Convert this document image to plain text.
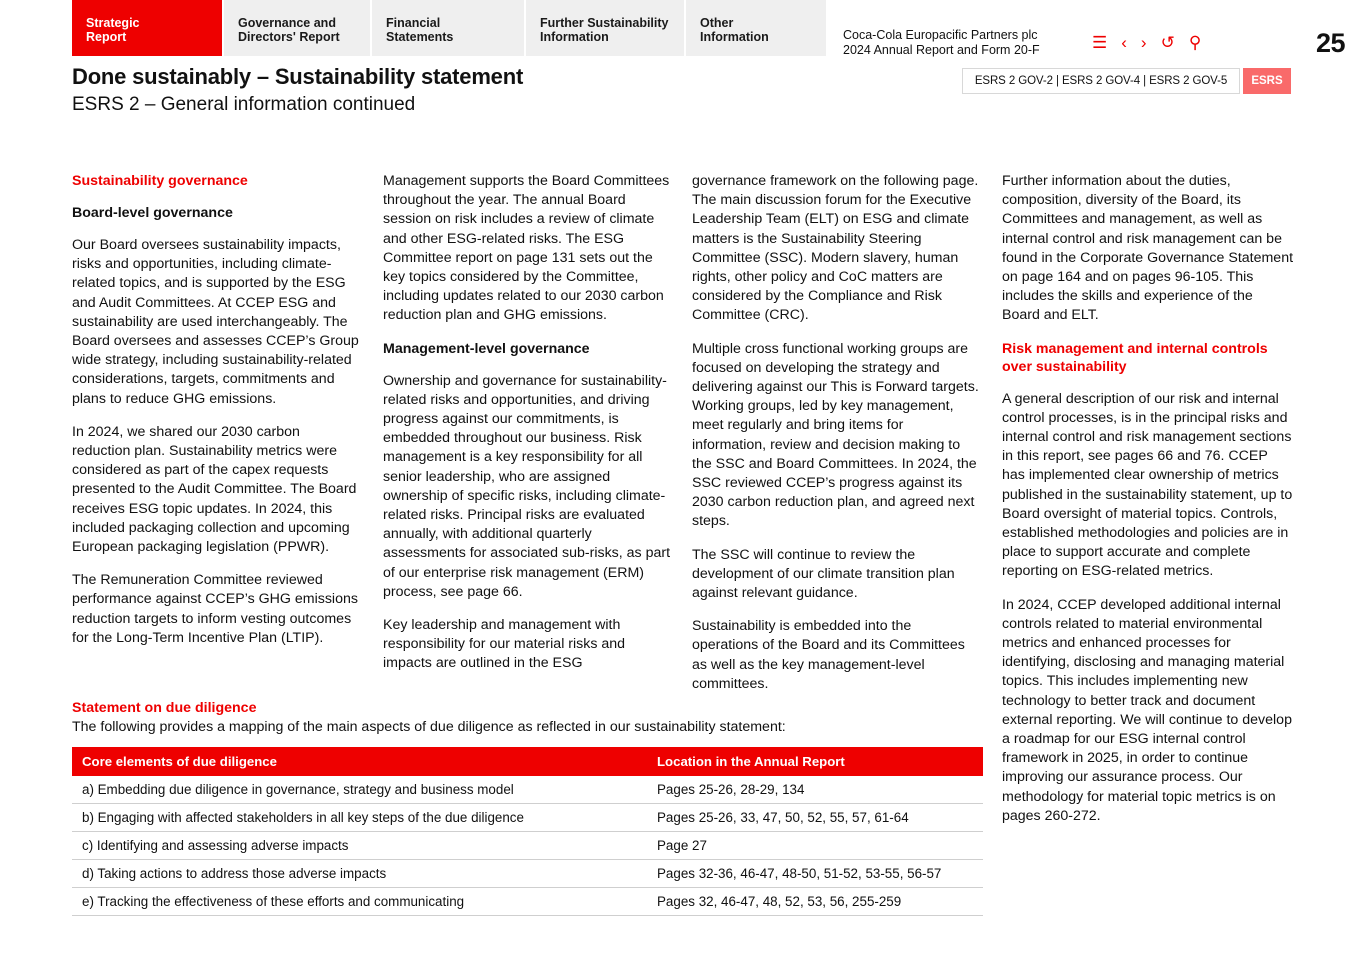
Strategic
Report
Governance and
Directors' Report
Financial
Statements
Further Sustainability
Information
Other
Information	Coca-Cola Europacific Partners plc
2024 Annual Report and Form 20-F	☰ ‹ › ↺ ⚲	25
Done sustainably – Sustainability statement
ESRS 2 – General information continued
ESRS 2 GOV-2 | ESRS 2 GOV-4 | ESRS 2 GOV-5	ESRS

Sustainability governance

Board-level governance

Our Board oversees sustainability impacts, risks and opportunities, including climate-related topics, and is supported by the ESG and Audit Committees. At CCEP ESG and sustainability are used interchangeably. The Board oversees and assesses CCEP’s Group wide strategy, including sustainability-related considerations, targets, commitments and plans to reduce GHG emissions.

In 2024, we shared our 2030 carbon reduction plan. Sustainability metrics were considered as part of the capex requests presented to the Audit Committee. The Board receives ESG topic updates. In 2024, this included packaging collection and upcoming European packaging legislation (PPWR).

The Remuneration Committee reviewed performance against CCEP’s GHG emissions reduction targets to inform vesting outcomes for the Long-Term Incentive Plan (LTIP).

Management supports the Board Committees throughout the year. The annual Board session on risk includes a review of climate and other ESG-related risks. The ESG Committee report on page 131 sets out the key topics considered by the Committee, including updates related to our 2030 carbon reduction plan and GHG emissions.

Management-level governance

Ownership and governance for sustainability-related risks and opportunities, and driving progress against our commitments, is embedded throughout our business. Risk management is a key responsibility for all senior leadership, who are assigned ownership of specific risks, including climate-related risks. Principal risks are evaluated annually, with additional quarterly assessments for associated sub-risks, as part of our enterprise risk management (ERM) process, see page 66.

Key leadership and management with responsibility for our material risks and impacts are outlined in the ESG

governance framework on the following page. The main discussion forum for the Executive Leadership Team (ELT) on ESG and climate matters is the Sustainability Steering Committee (SSC). Modern slavery, human rights, other policy and CoC matters are considered by the Compliance and Risk Committee (CRC).

Multiple cross functional working groups are focused on developing the strategy and delivering against our This is Forward targets. Working groups, led by key management, meet regularly and bring items for information, review and decision making to the SSC and Board Committees. In 2024, the SSC reviewed CCEP’s progress against its 2030 carbon reduction plan, and agreed next steps.

The SSC will continue to review the development of our climate transition plan against relevant guidance.

Sustainability is embedded into the operations of the Board and its Committees as well as the key management-level committees.

Further information about the duties, composition, diversity of the Board, its Committees and management, as well as internal control and risk management can be found in the Corporate Governance Statement on page 164 and on pages 96-105. This includes the skills and experience of the Board and ELT.

Risk management and internal controls over sustainability

A general description of our risk and internal control processes, is in the principal risks and internal control and risk management sections in this report, see pages 66 and 76. CCEP has implemented clear ownership of metrics published in the sustainability statement, up to Board oversight of material topics. Controls, established methodologies and policies are in place to support accurate and complete reporting on ESG-related metrics.

In 2024, CCEP developed additional internal controls related to material environmental metrics and enhanced processes for identifying, disclosing and managing material topics. This includes implementing new technology to better track and document external reporting. We will continue to develop a roadmap for our ESG internal control framework in 2025, in order to continue improving our assurance process. Our methodology for material topic metrics is on pages 260-272.

Statement on due diligence

The following provides a mapping of the main aspects of due diligence as reflected in our sustainability statement:

Core elements of due diligence	Location in the Annual Report
a) Embedding due diligence in governance, strategy and business model	Pages 25-26, 28-29, 134
b) Engaging with affected stakeholders in all key steps of the due diligence	Pages 25-26, 33, 47, 50, 52, 55, 57, 61-64
c) Identifying and assessing adverse impacts	Page 27
d) Taking actions to address those adverse impacts	Pages 32-36, 46-47, 48-50, 51-52, 53-55, 56-57
e) Tracking the effectiveness of these efforts and communicating	Pages 32, 46-47, 48, 52, 53, 56, 255-259
